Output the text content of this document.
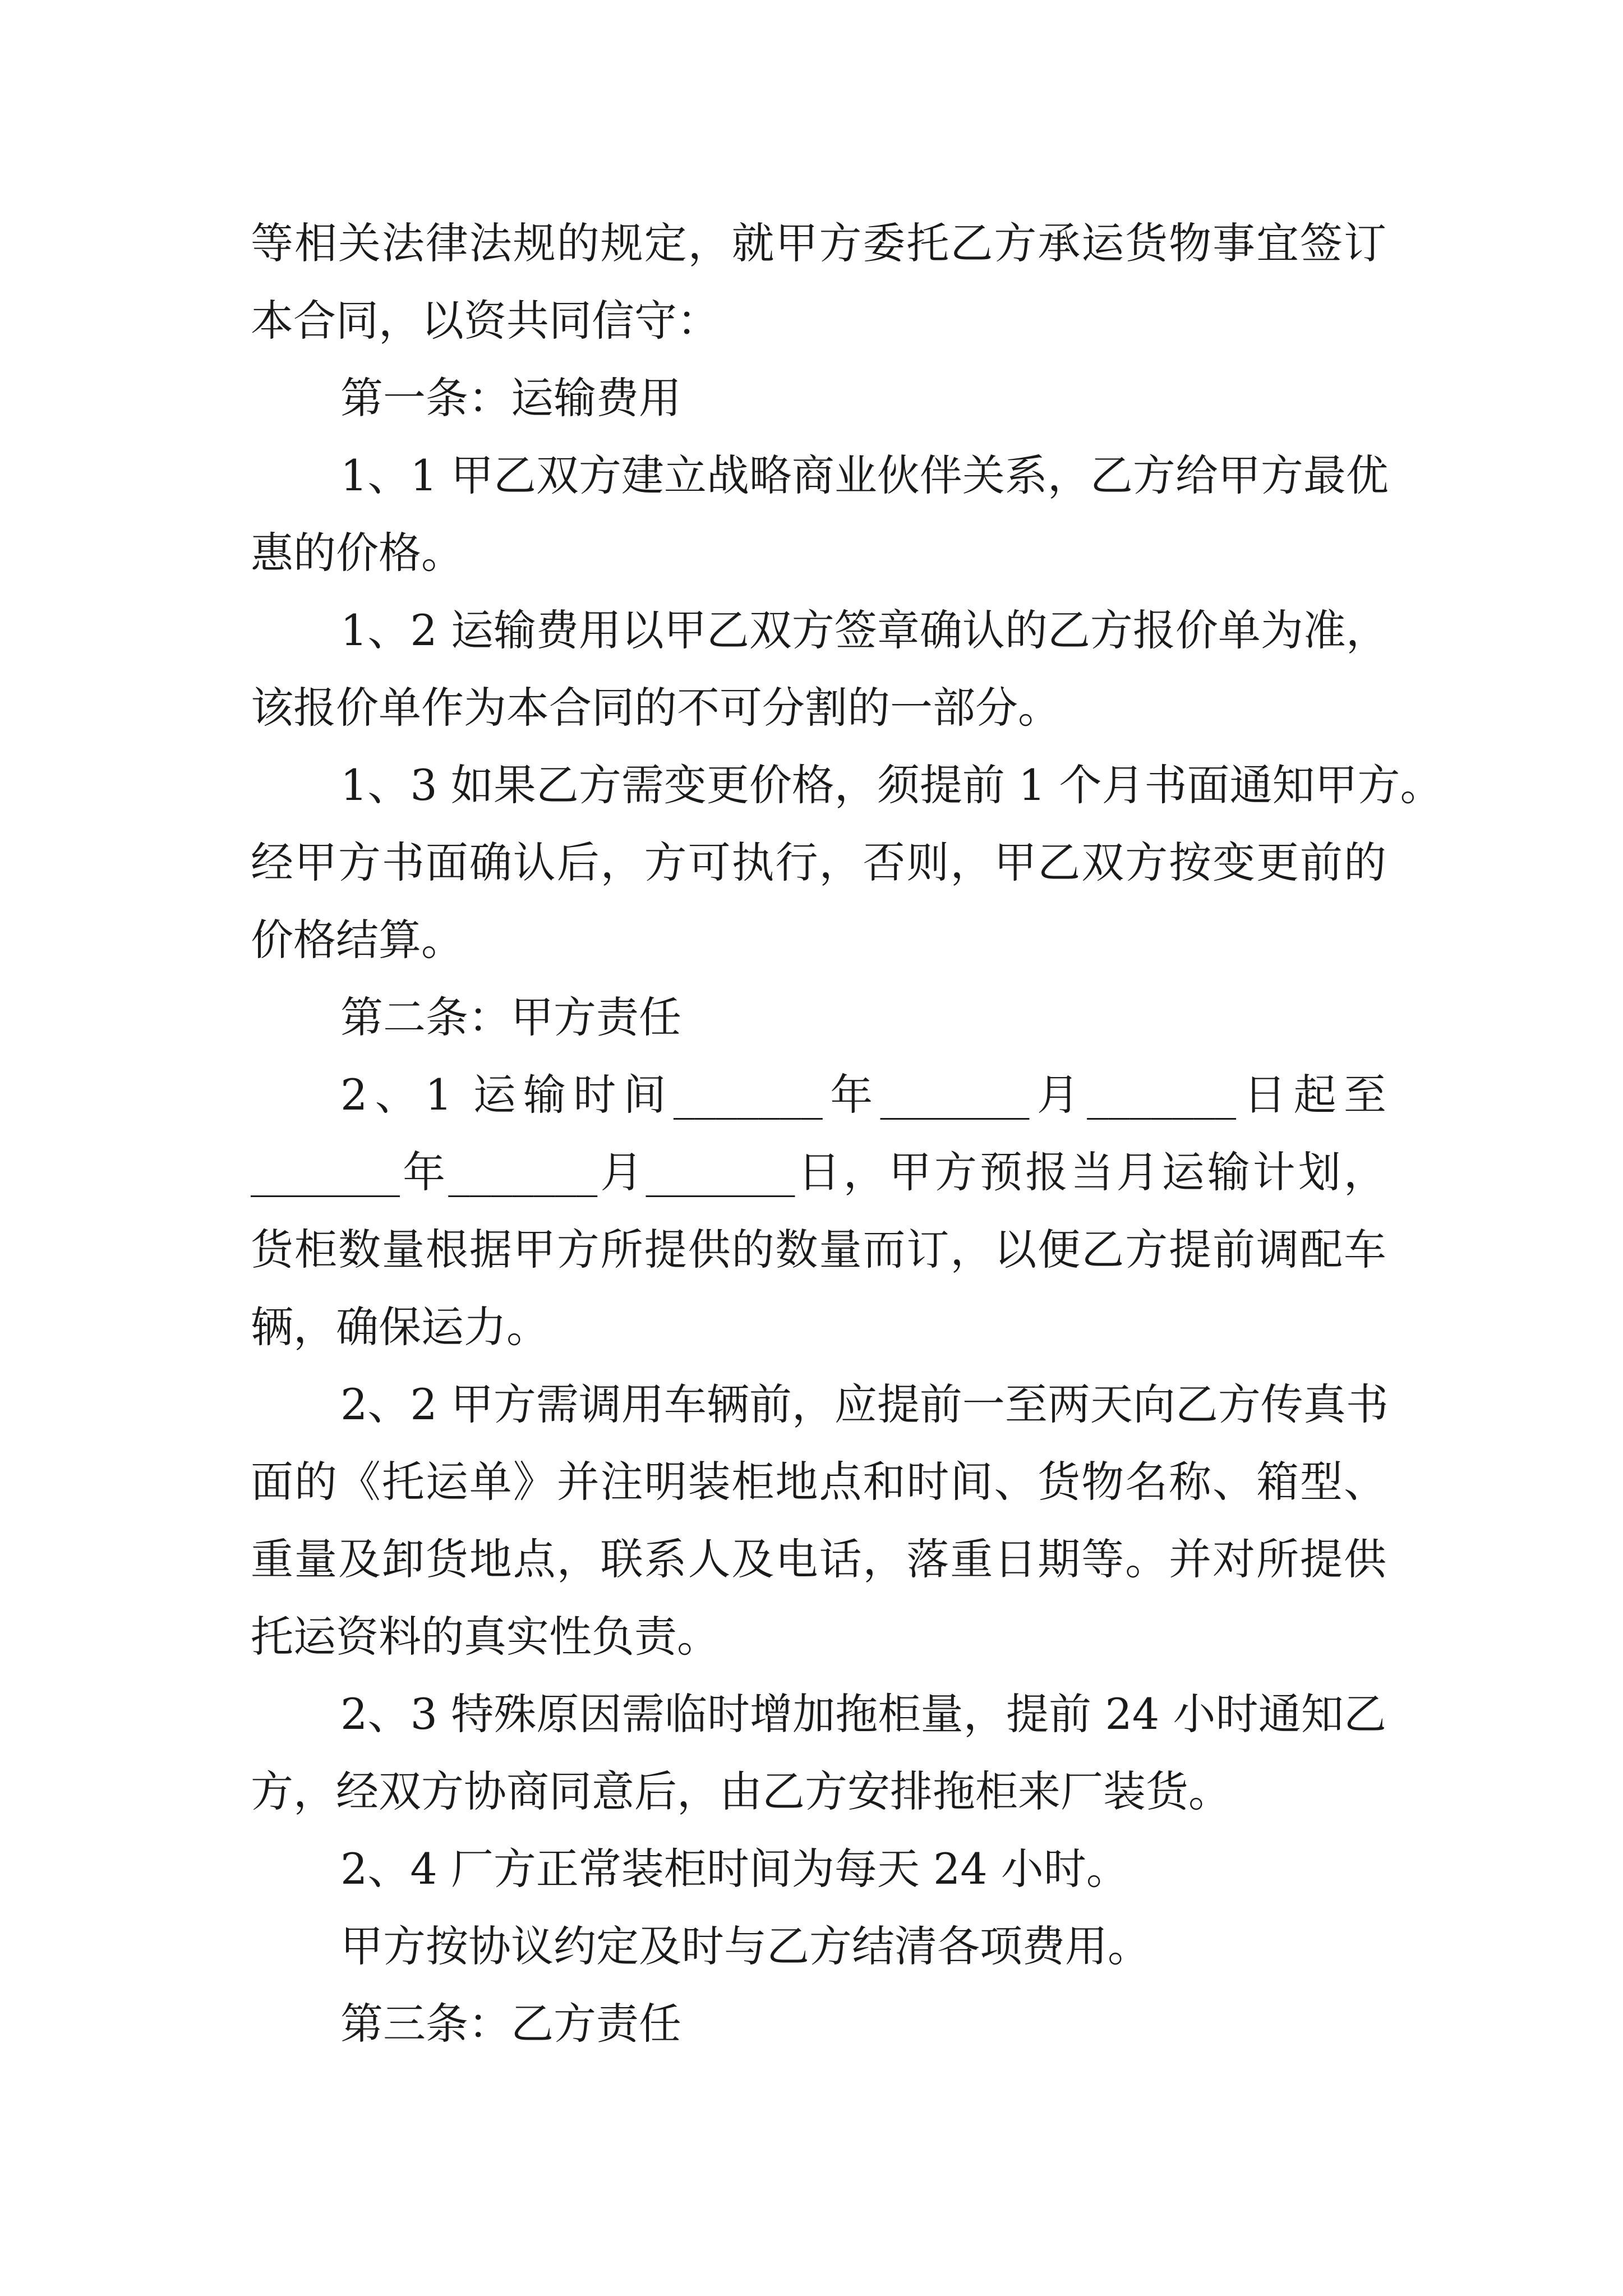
等相关法律法规的规定，就甲方委托乙方承运货物事宜签订
本合同，以资共同信守：
第一条：运输费用
1、1 甲乙双方建立战略商业伙伴关系，乙方给甲方最优
惠的价格。
1、2 运输费用以甲乙双方签章确认的乙方报价单为准，
该报价单作为本合同的不可分割的一部分。
1、3 如果乙方需变更价格，须提前 1 个月书面通知甲方。
经甲方书面确认后，方可执行，否则，甲乙双方按变更前的
价格结算。
第二条：甲方责任
2、1 运输时间_______年_______月_______日起至
_______年_______月_______日，甲方预报当月运输计划，
货柜数量根据甲方所提供的数量而订，以便乙方提前调配车
辆，确保运力。
2、2 甲方需调用车辆前，应提前一至两天向乙方传真书
面的《托运单》并注明装柜地点和时间、货物名称、箱型、
重量及卸货地点，联系人及电话，落重日期等。并对所提供
托运资料的真实性负责。
2、3 特殊原因需临时增加拖柜量，提前 24 小时通知乙
方，经双方协商同意后，由乙方安排拖柜来厂装货。
2、4 厂方正常装柜时间为每天 24 小时。
甲方按协议约定及时与乙方结清各项费用。
第三条：乙方责任
